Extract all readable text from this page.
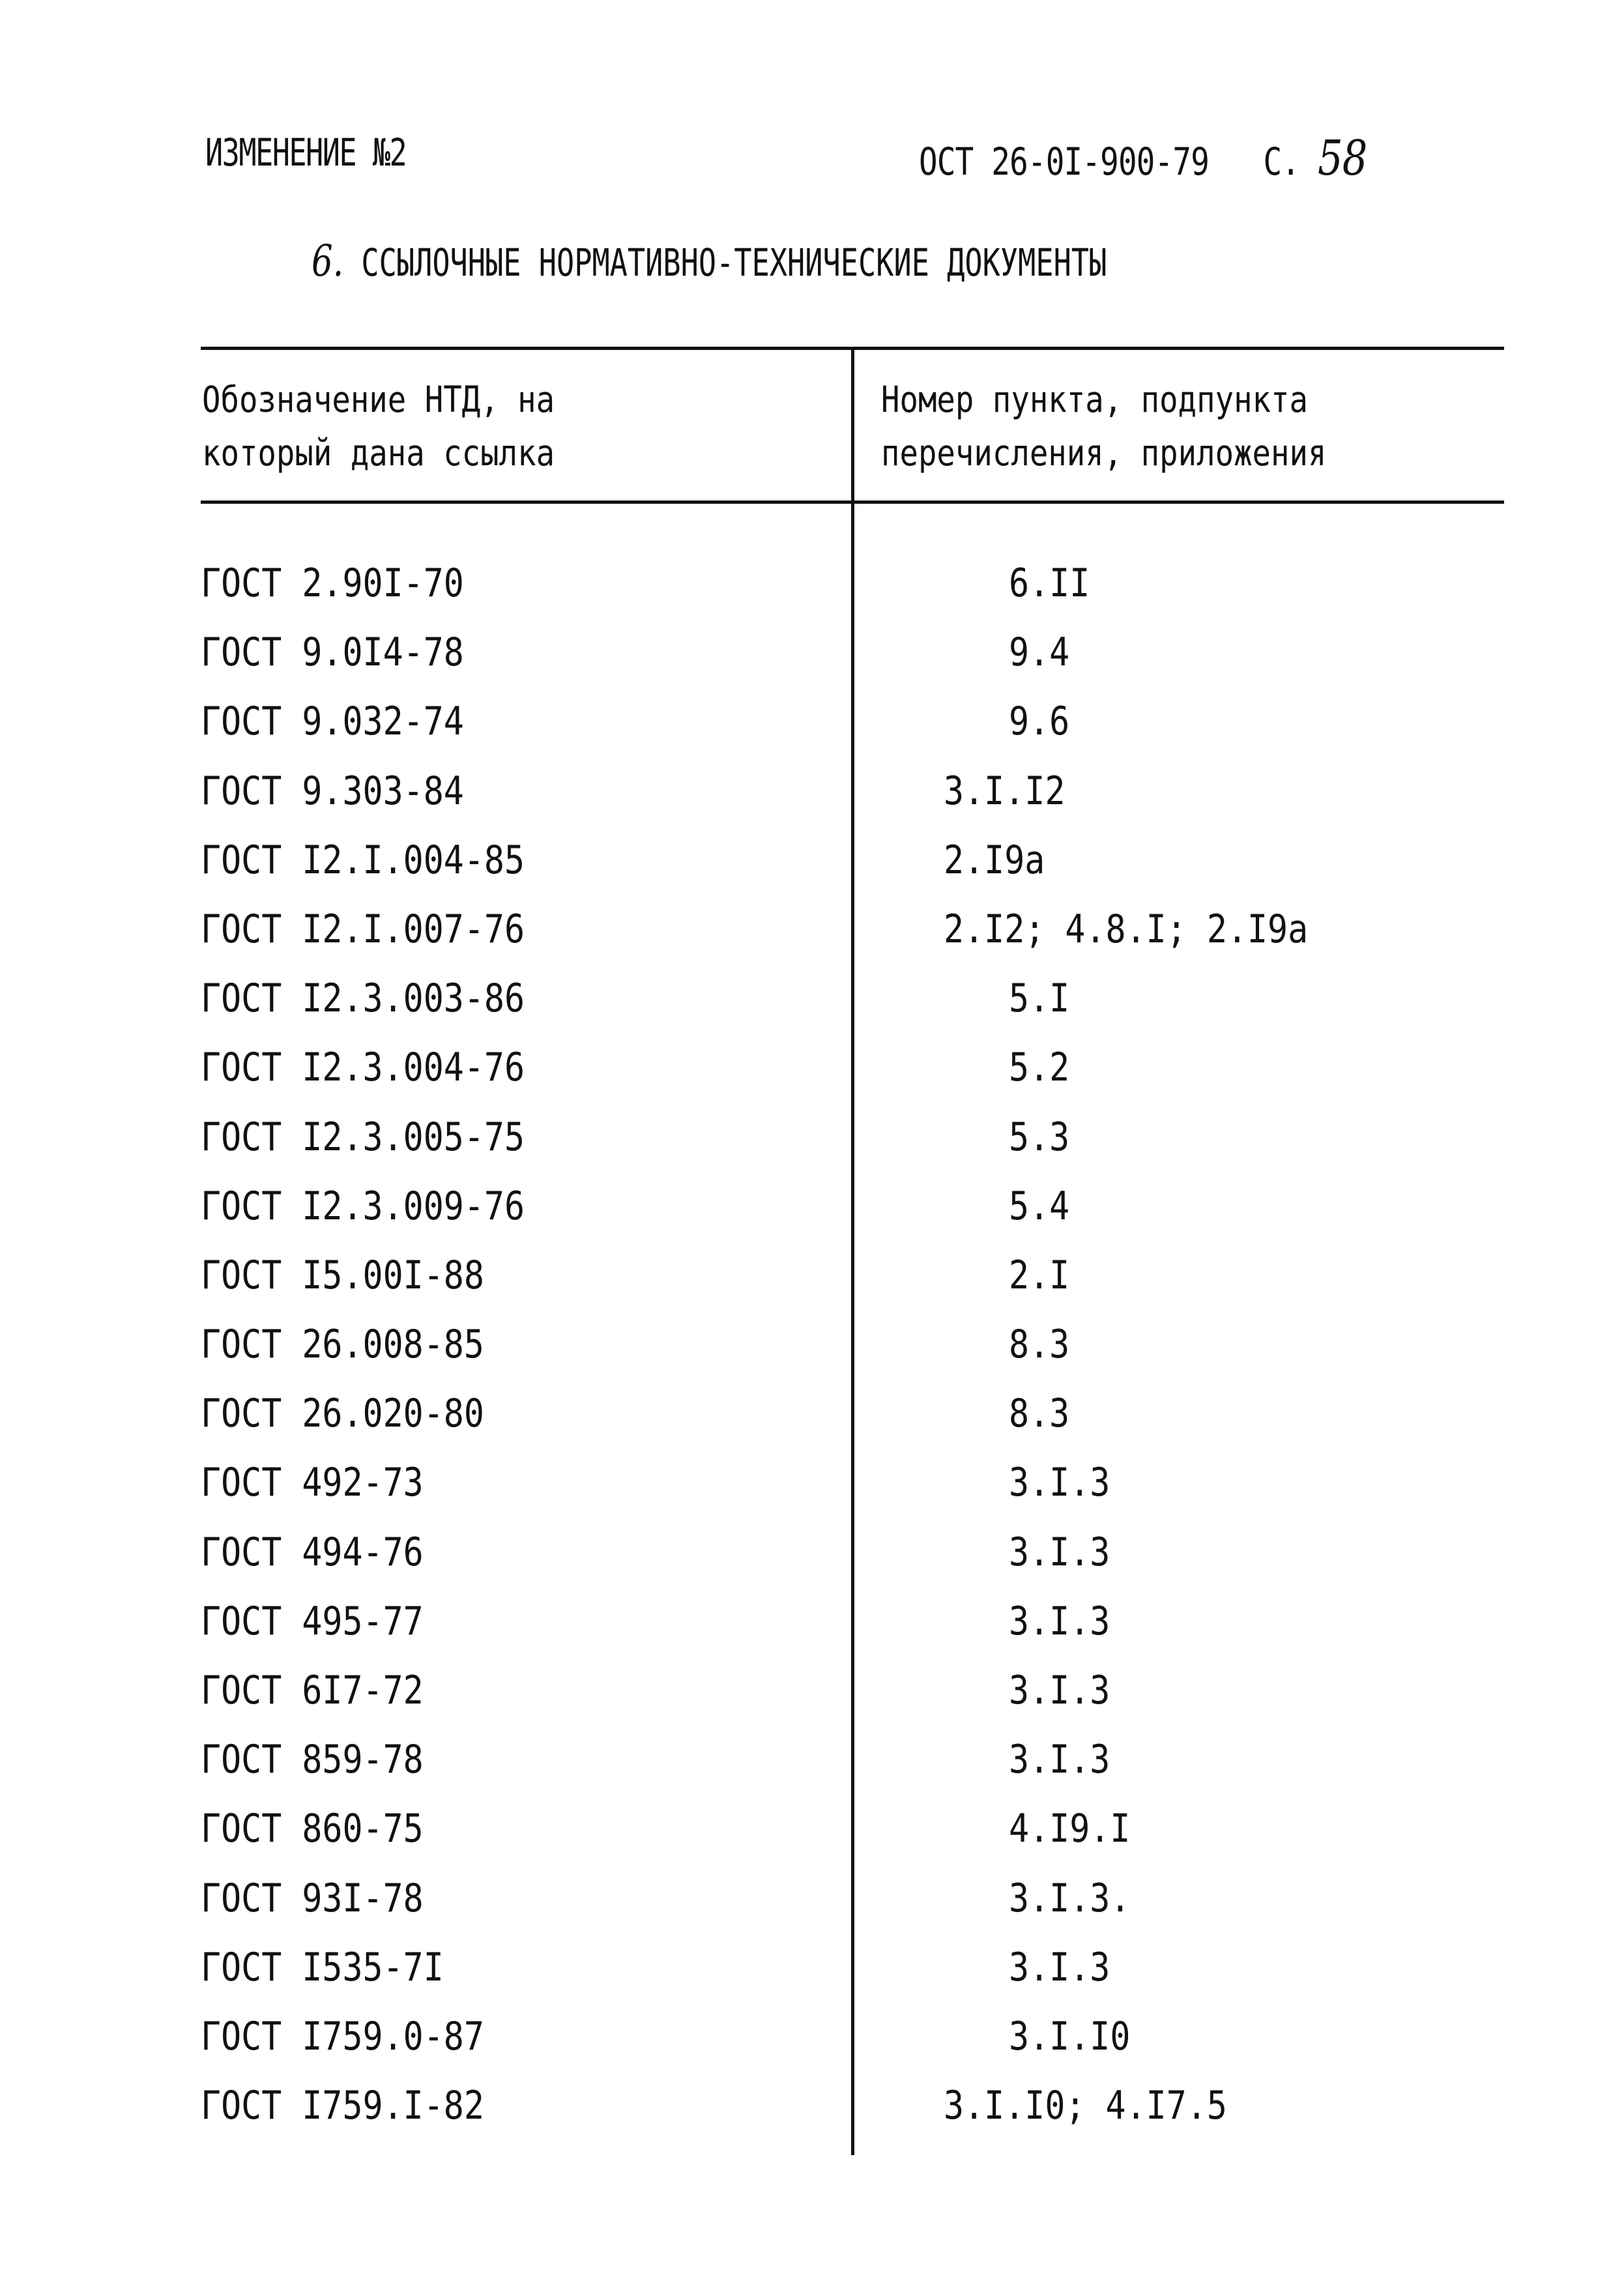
ИЗМЕНЕНИЕ №2	ОСТ 26-0I-900-79 С. 58
6. ССЫЛОЧНЫЕ НОРМАТИВНО-ТЕХНИЧЕСКИЕ ДОКУМЕНТЫ
Обозначение НТД, на
который дана ссылка
Номер пункта, подпункта
перечисления, приложения
ГОСТ 2.90I-70	6.II
ГОСТ 9.0I4-78	9.4
ГОСТ 9.032-74	9.6
ГОСТ 9.303-84	3.I.I2
ГОСТ I2.I.004-85	2.I9а
ГОСТ I2.I.007-76	2.I2; 4.8.I; 2.I9а
ГОСТ I2.3.003-86	5.I
ГОСТ I2.3.004-76	5.2
ГОСТ I2.3.005-75	5.3
ГОСТ I2.3.009-76	5.4
ГОСТ I5.00I-88	2.I
ГОСТ 26.008-85	8.3
ГОСТ 26.020-80	8.3
ГОСТ 492-73	3.I.3
ГОСТ 494-76	3.I.3
ГОСТ 495-77	3.I.3
ГОСТ 6I7-72	3.I.3
ГОСТ 859-78	3.I.3
ГОСТ 860-75	4.I9.I
ГОСТ 93I-78	3.I.3.
ГОСТ I535-7I	3.I.3
ГОСТ I759.0-87	3.I.I0
ГОСТ I759.I-82	3.I.I0; 4.I7.5
